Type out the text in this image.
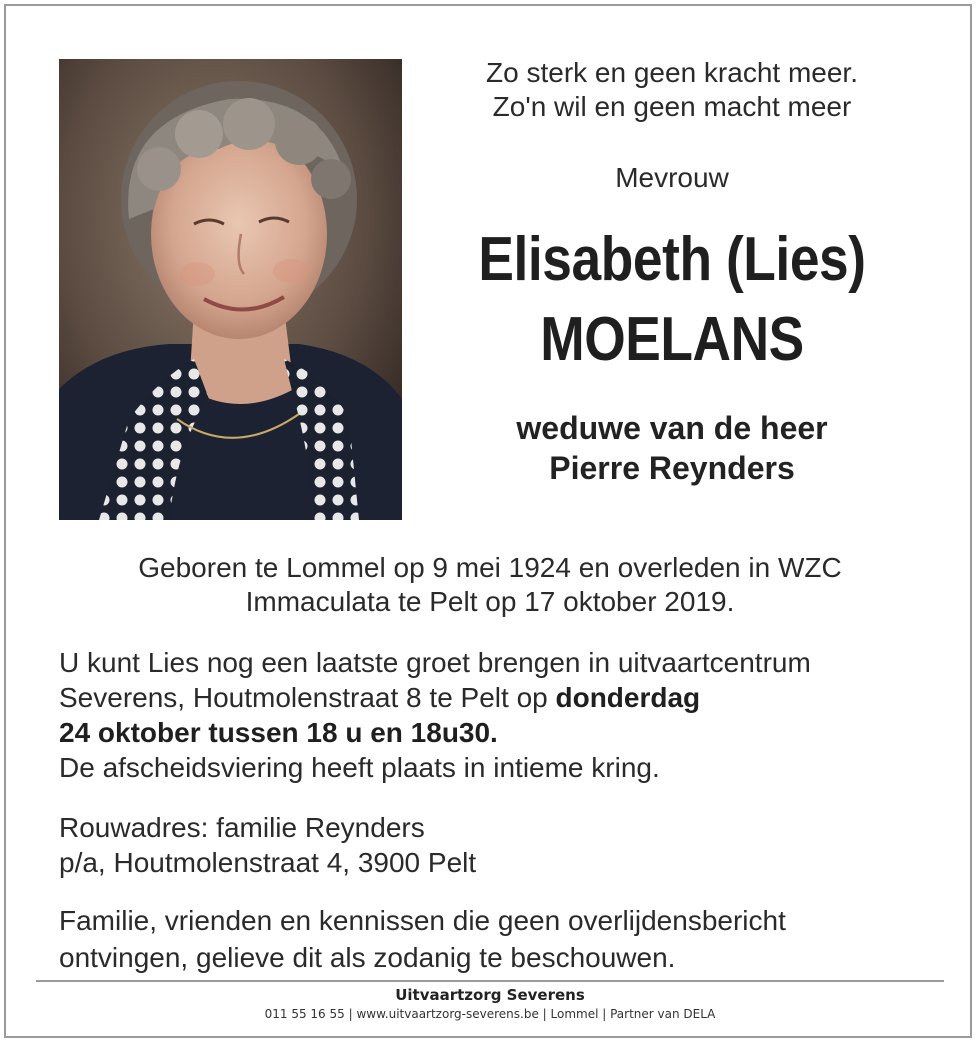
Zo sterk en geen kracht meer.
Zo'n wil en geen macht meer
Mevrouw
Elisabeth (Lies)
MOELANS
weduwe van de heer
Pierre Reynders
Geboren te Lommel op 9 mei 1924 en overleden in WZC
Immaculata te Pelt op 17 oktober 2019.
U kunt Lies nog een laatste groet brengen in uitvaartcentrum
Severens, Houtmolenstraat 8 te Pelt op donderdag
24 oktober tussen 18 u en 18u30.
De afscheidsviering heeft plaats in intieme kring.
Rouwadres: familie Reynders
p/a, Houtmolenstraat 4, 3900 Pelt
Familie, vrienden en kennissen die geen overlijdensbericht
ontvingen, gelieve dit als zodanig te beschouwen.
Uitvaartzorg Severens
011 55 16 55 | www.uitvaartzorg-severens.be | Lommel | Partner van DELA
